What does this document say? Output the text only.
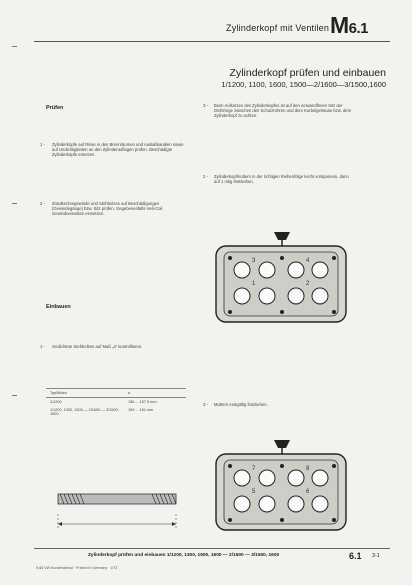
Zylinderkopf mit Ventilen M6.1
Zylinderkopf prüfen und einbauen
1/1200, 1100, 1600, 1500—2/1600—3/1500,1600
Prüfen
Einbauen
1 - Zylinderköpfe auf Risse in den Brennräumen und Auslaßkanälen sowie auf Undichtigkeiten an den Zylinderauflagen prüfen. Beschädigte Zylinderköpfe ersetzen.
2 - Zündkerzengewinde und Stehbolzen auf Beschädigungen (Gewindegänge) bzw. Sitz prüfen. Gegebenenfalls Heli-Coil Gewindeeinsätze einsetzen.
1 - Gedichtete Stehbolzen auf Maß „a“ kontrollieren.
Typ/Motor	a
1/1200	155 ... 157,5 mm
1/1200, 1300, 1500 — 2/1600 — 3/1500, 1600	159 ... 161 mm
3 - Beim Aufsetzen des Zylinderkopfes ist auf den einwandfreien Sitz der Dichtringe zwischen den Schutzrohren und dem Kurbelgehäuse bzw. dem Zylinderkopf zu achten.
2 - Zylinderkopfmuttern in der richtigen Reihenfolge leicht vorspannen, dann auf 1 mkg festziehen.
3 - Muttern endgültig festziehen.
1	2
3	4
5	6
7	8
Zylinderkopf prüfen und einbauen 1/1200, 1300, 1500, 1600 — 2/1600 — 3/1500, 1600	6.1 3-1
9-68 VW Kundendienst · Printed in Germany · 1/73
